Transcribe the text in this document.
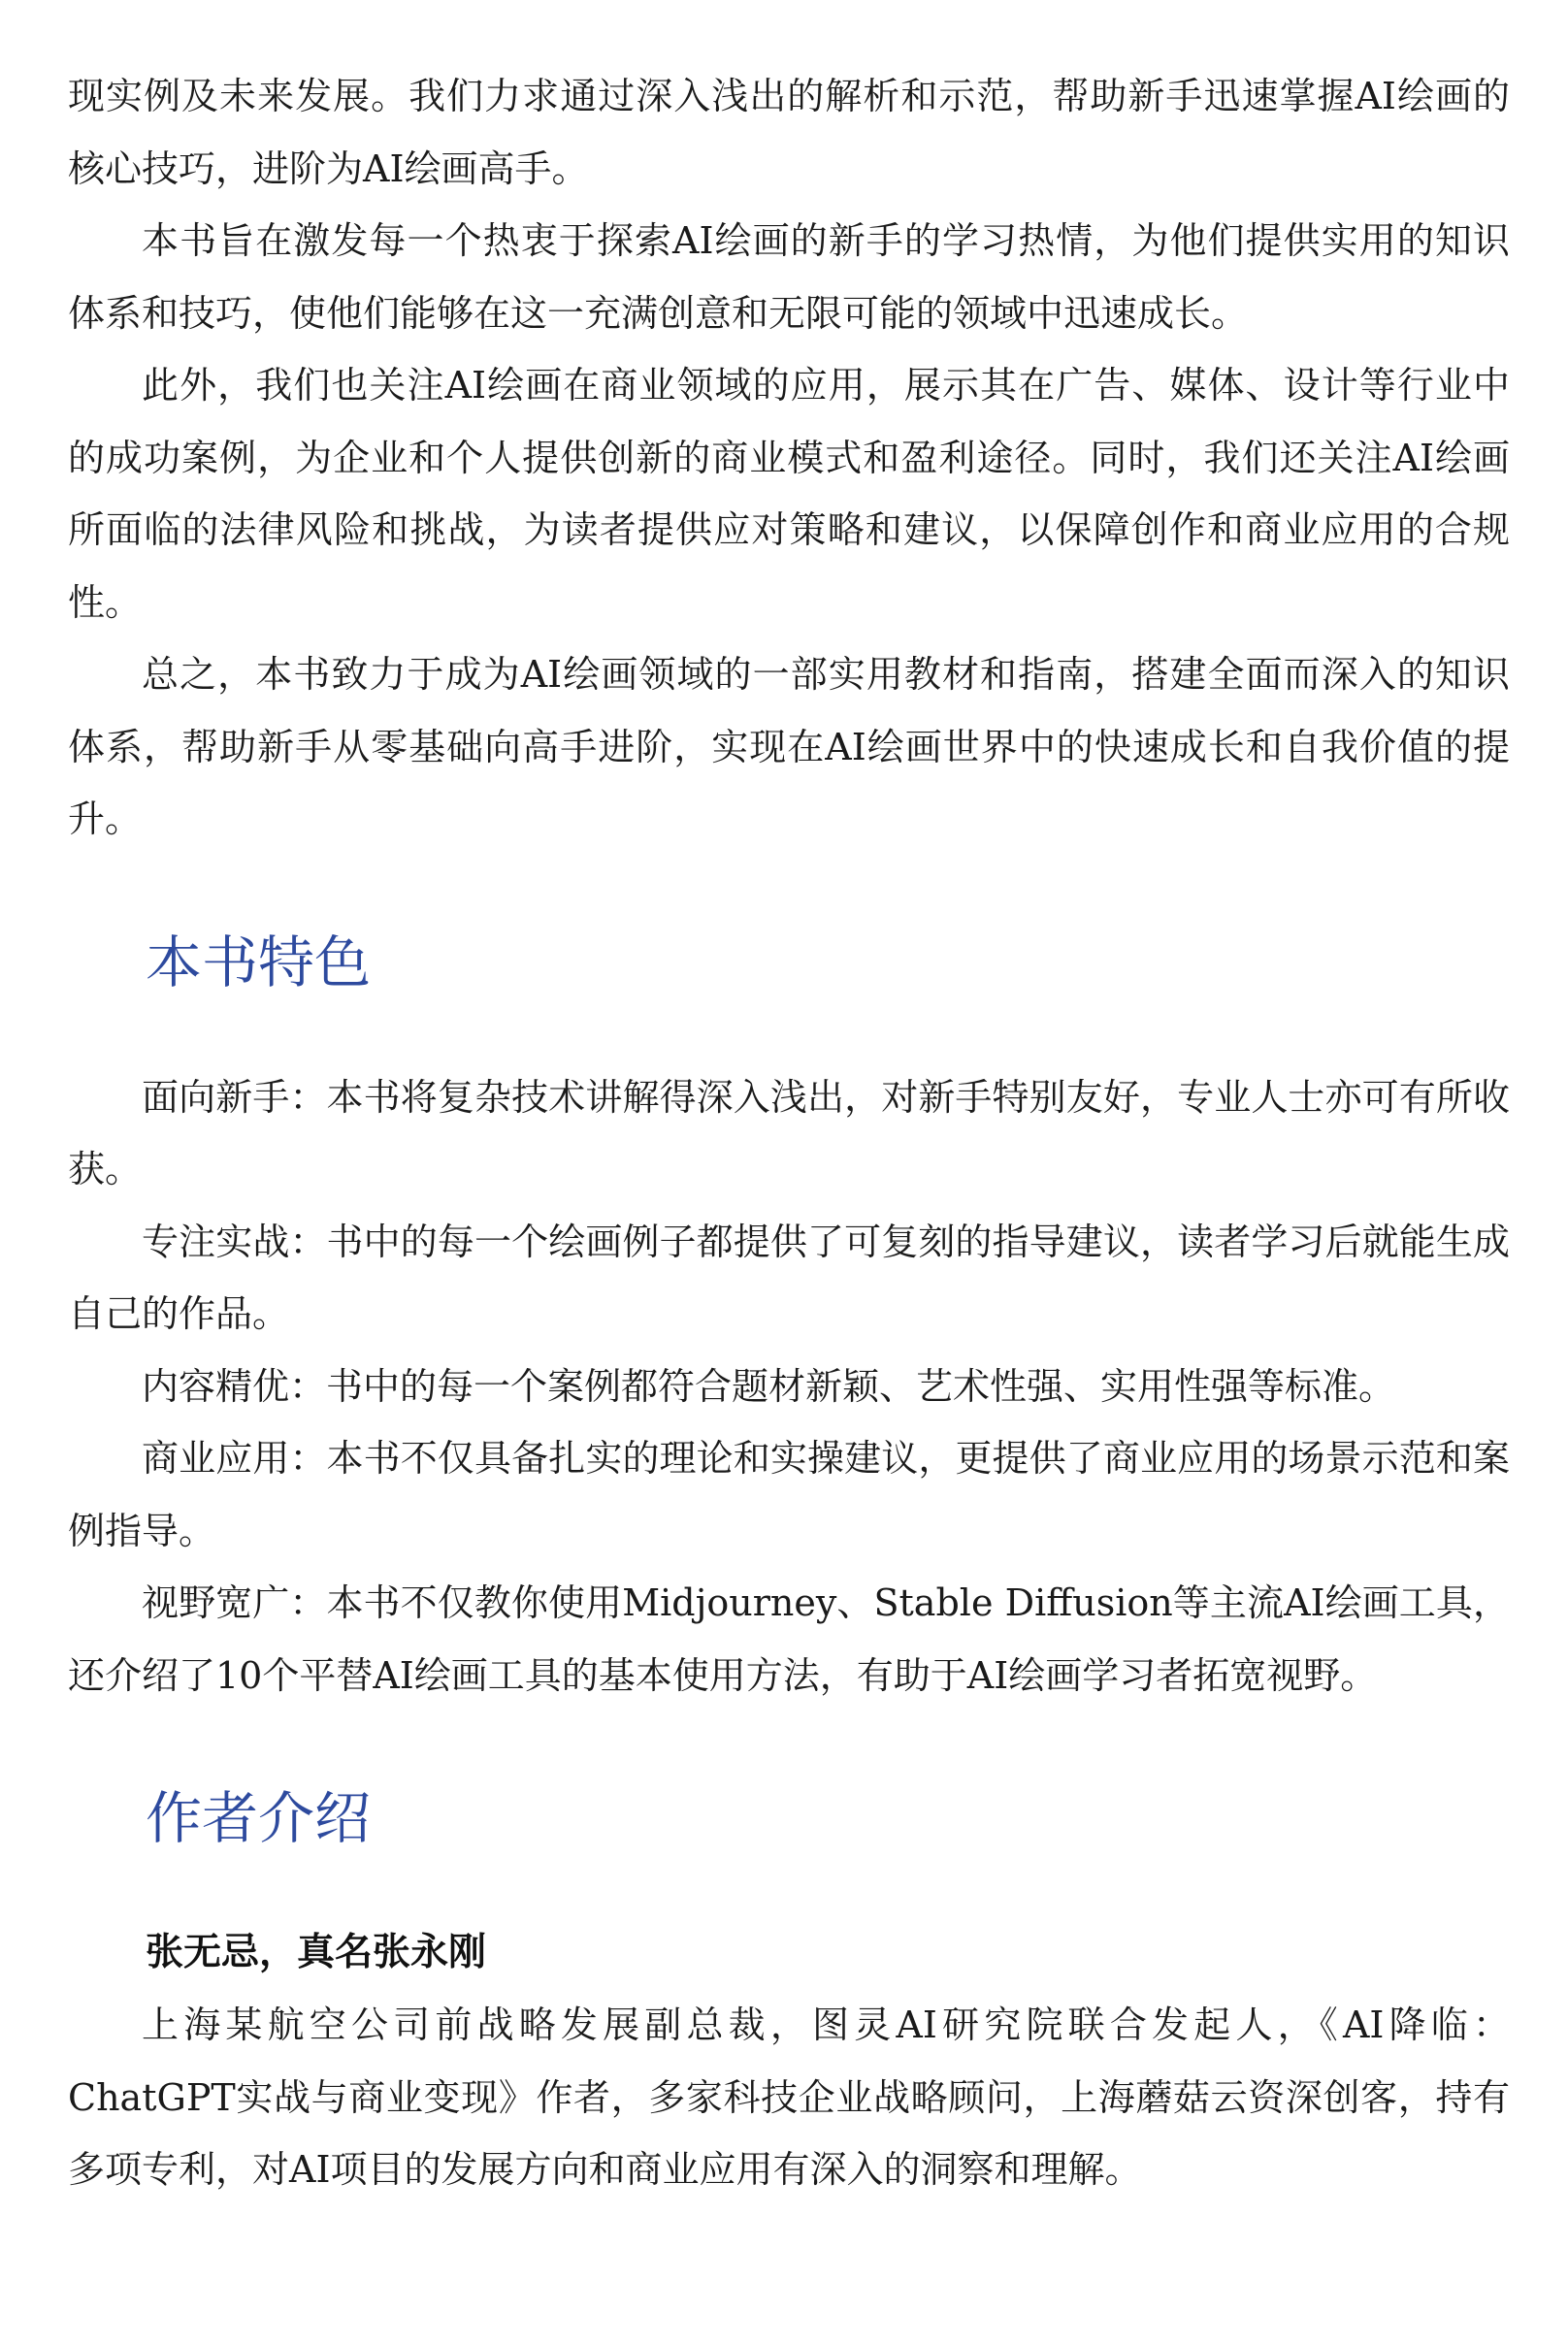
现实例及未来发展。我们力求通过深入浅出的解析和示范，帮助新手迅速掌握AI绘画的核心技巧，进阶为AI绘画高手。

本书旨在激发每一个热衷于探索AI绘画的新手的学习热情，为他们提供实用的知识体系和技巧，使他们能够在这一充满创意和无限可能的领域中迅速成长。

此外，我们也关注AI绘画在商业领域的应用，展示其在广告、媒体、设计等行业中的成功案例，为企业和个人提供创新的商业模式和盈利途径。同时，我们还关注AI绘画所面临的法律风险和挑战，为读者提供应对策略和建议，以保障创作和商业应用的合规性。

总之，本书致力于成为AI绘画领域的一部实用教材和指南，搭建全面而深入的知识体系，帮助新手从零基础向高手进阶，实现在AI绘画世界中的快速成长和自我价值的提升。

本书特色

面向新手：本书将复杂技术讲解得深入浅出，对新手特别友好，专业人士亦可有所收获。

专注实战：书中的每一个绘画例子都提供了可复刻的指导建议，读者学习后就能生成自己的作品。

内容精优：书中的每一个案例都符合题材新颖、艺术性强、实用性强等标准。

商业应用：本书不仅具备扎实的理论和实操建议，更提供了商业应用的场景示范和案例指导。

视野宽广：本书不仅教你使用Midjourney、Stable Diffusion等主流AI绘画工具，还介绍了10个平替AI绘画工具的基本使用方法，有助于AI绘画学习者拓宽视野。

作者介绍
张无忌，真名张永刚

上海某航空公司前战略发展副总裁，图灵AI研究院联合发起人，《AI降临：ChatGPT实战与商业变现》作者，多家科技企业战略顾问，上海蘑菇云资深创客，持有多项专利，对AI项目的发展方向和商业应用有深入的洞察和理解。
